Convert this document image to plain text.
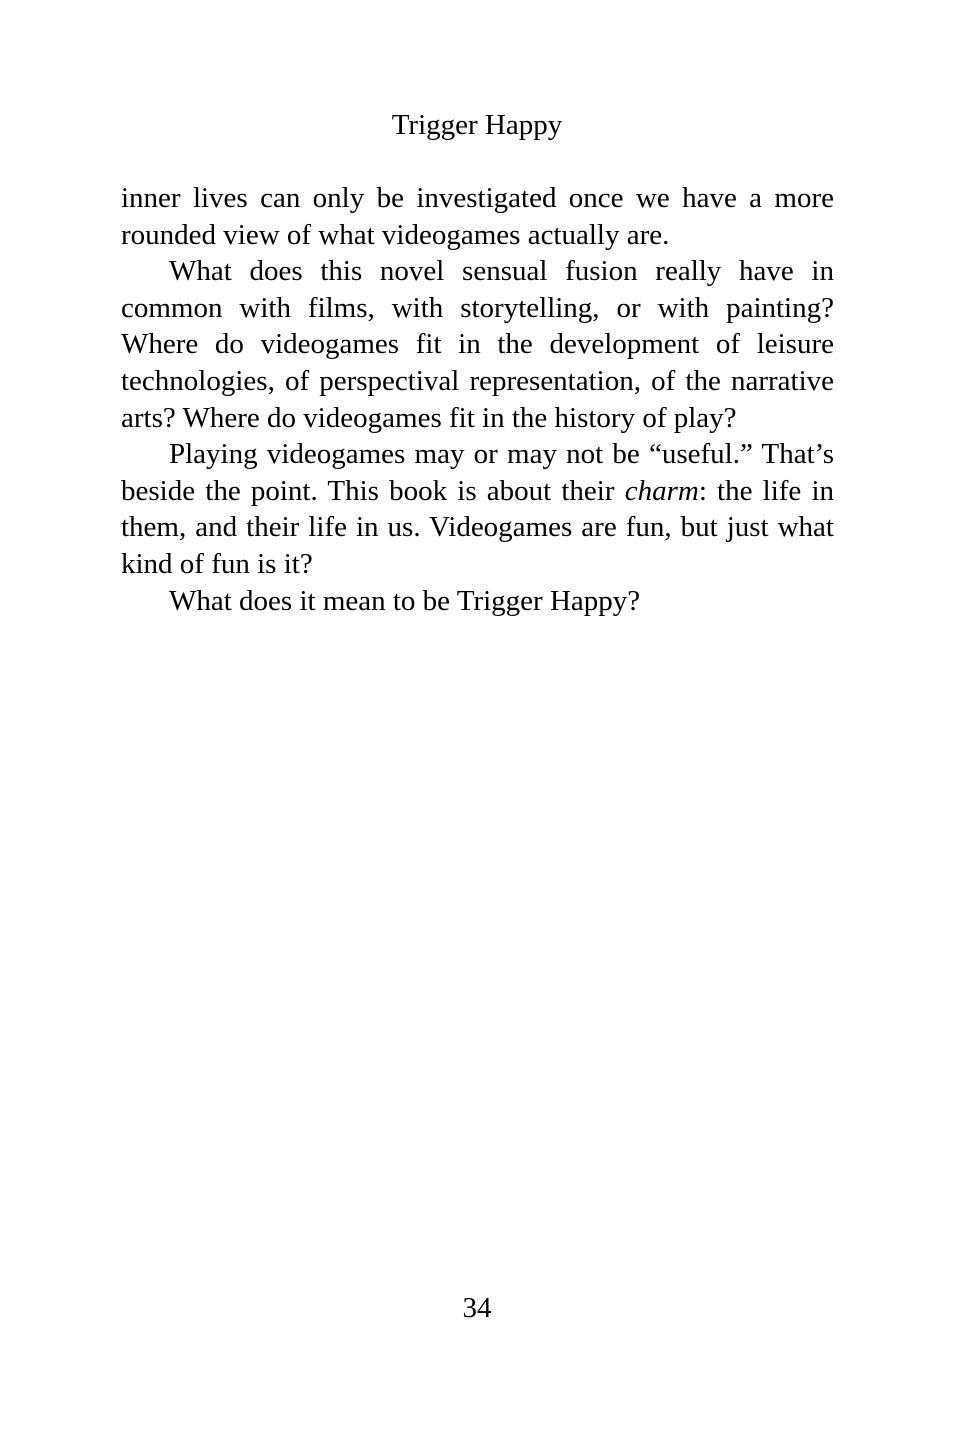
Trigger Happy

inner lives can only be investigated once we have a more rounded view of what videogames actually are.

What does this novel sensual fusion really have in common with films, with storytelling, or with painting? Where do videogames fit in the development of leisure technologies, of perspectival representation, of the narrative arts? Where do videogames fit in the history of play?

Playing videogames may or may not be “useful.” That’s beside the point. This book is about their charm: the life in them, and their life in us. Videogames are fun, but just what kind of fun is it?

What does it mean to be Trigger Happy?

34
